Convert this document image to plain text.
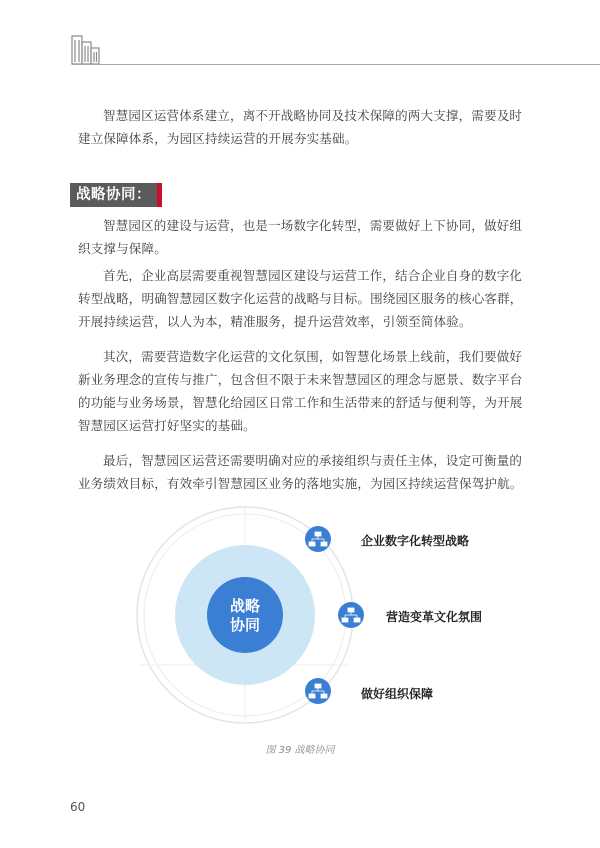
智慧园区运营体系建立，离不开战略协同及技术保障的两大支撑，需要及时建立保障体系，为园区持续运营的开展夯实基础。

战略协同：

智慧园区的建设与运营，也是一场数字化转型，需要做好上下协同，做好组织支撑与保障。

首先，企业高层需要重视智慧园区建设与运营工作，结合企业自身的数字化转型战略，明确智慧园区数字化运营的战略与目标。围绕园区服务的核心客群，开展持续运营，以人为本，精准服务，提升运营效率，引领至简体验。

其次，需要营造数字化运营的文化氛围，如智慧化场景上线前，我们要做好新业务理念的宣传与推广，包含但不限于未来智慧园区的理念与愿景、数字平台的功能与业务场景，智慧化给园区日常工作和生活带来的舒适与便利等，为开展智慧园区运营打好坚实的基础。

最后，智慧园区运营还需要明确对应的承接组织与责任主体，设定可衡量的业务绩效目标，有效牵引智慧园区业务的落地实施，为园区持续运营保驾护航。

战略
协同
企业数字化转型战略
营造变革文化氛围
做好组织保障
图 39 战略协同
60
